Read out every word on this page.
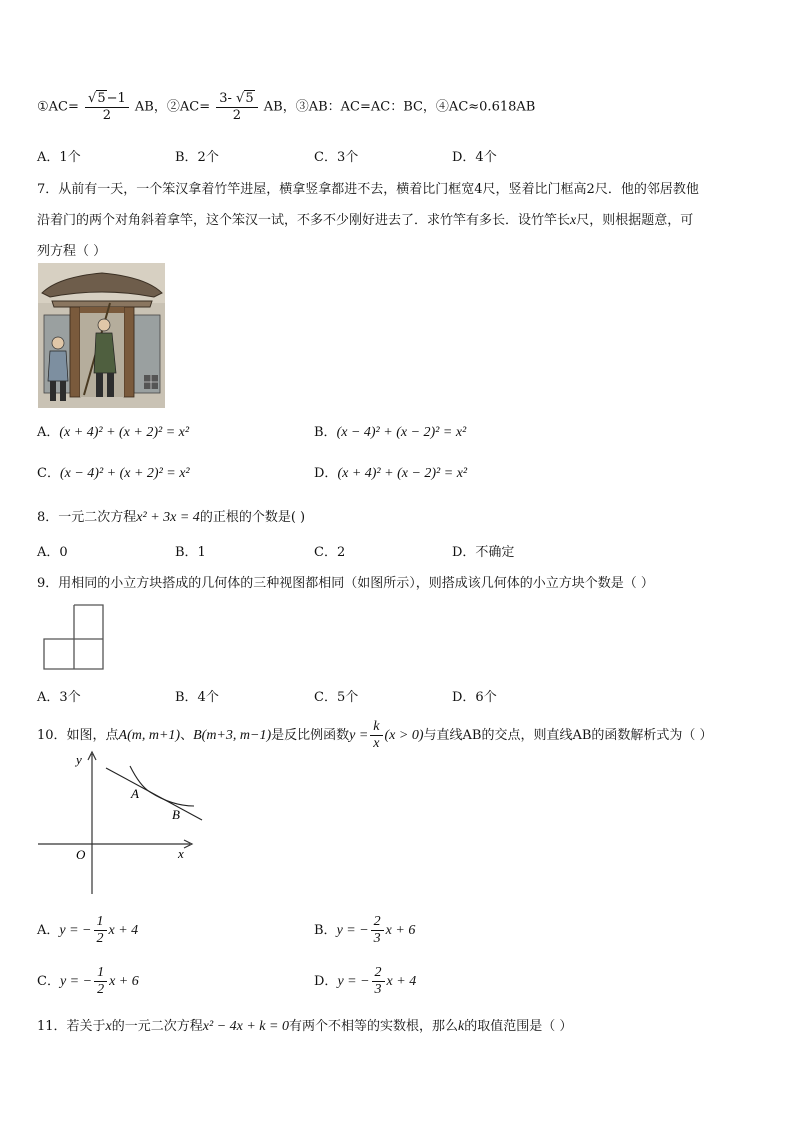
①AC= $\frac{√5-1}{2}$ AB，②AC= $\frac{3- √5}{2}$ AB，③AB：AC=AC：BC，④AC≈0.618AB
A．1个	B．2个	C．3个	D．4个
7．从前有一天，一个笨汉拿着竹竿进屋，横拿竖拿都进不去，横着比门框宽4尺，竖着比门框高2尺．他的邻居教他
沿着门的两个对角斜着拿竿，这个笨汉一试，不多不少刚好进去了．求竹竿有多长．设竹竿长x尺，则根据题意，可
列方程（ ）
A．(x + 4)² + (x + 2)² = x²	B．(x − 4)² + (x − 2)² = x²
C．(x − 4)² + (x + 2)² = x²	D．(x + 4)² + (x − 2)² = x²
8．一元二次方程x² + 3x = 4的正根的个数是( )
A．0	B．1	C．2	D．不确定
9．用相同的小立方块搭成的几何体的三种视图都相同（如图所示），则搭成该几何体的小立方块个数是（ ）
A．3个	B．4个	C．5个	D．6个
10．如图，点A(m, m+1)、B(m+3, m−1)是反比例函数$y = \frac{k}{x} (x > 0)$与直线AB的交点，则直线AB的函数解析式为（ ）
y
x
O
A
B
A．y = − $\frac{1}{2}$ x + 4	B．y = − $\frac{2}{3}$ x + 6
C．y = − $\frac{1}{2}$ x + 6	D．y = − $\frac{2}{3}$ x + 4
11．若关于x的一元二次方程x² − 4x + k = 0有两个不相等的实数根，那么k的取值范围是（ ）
